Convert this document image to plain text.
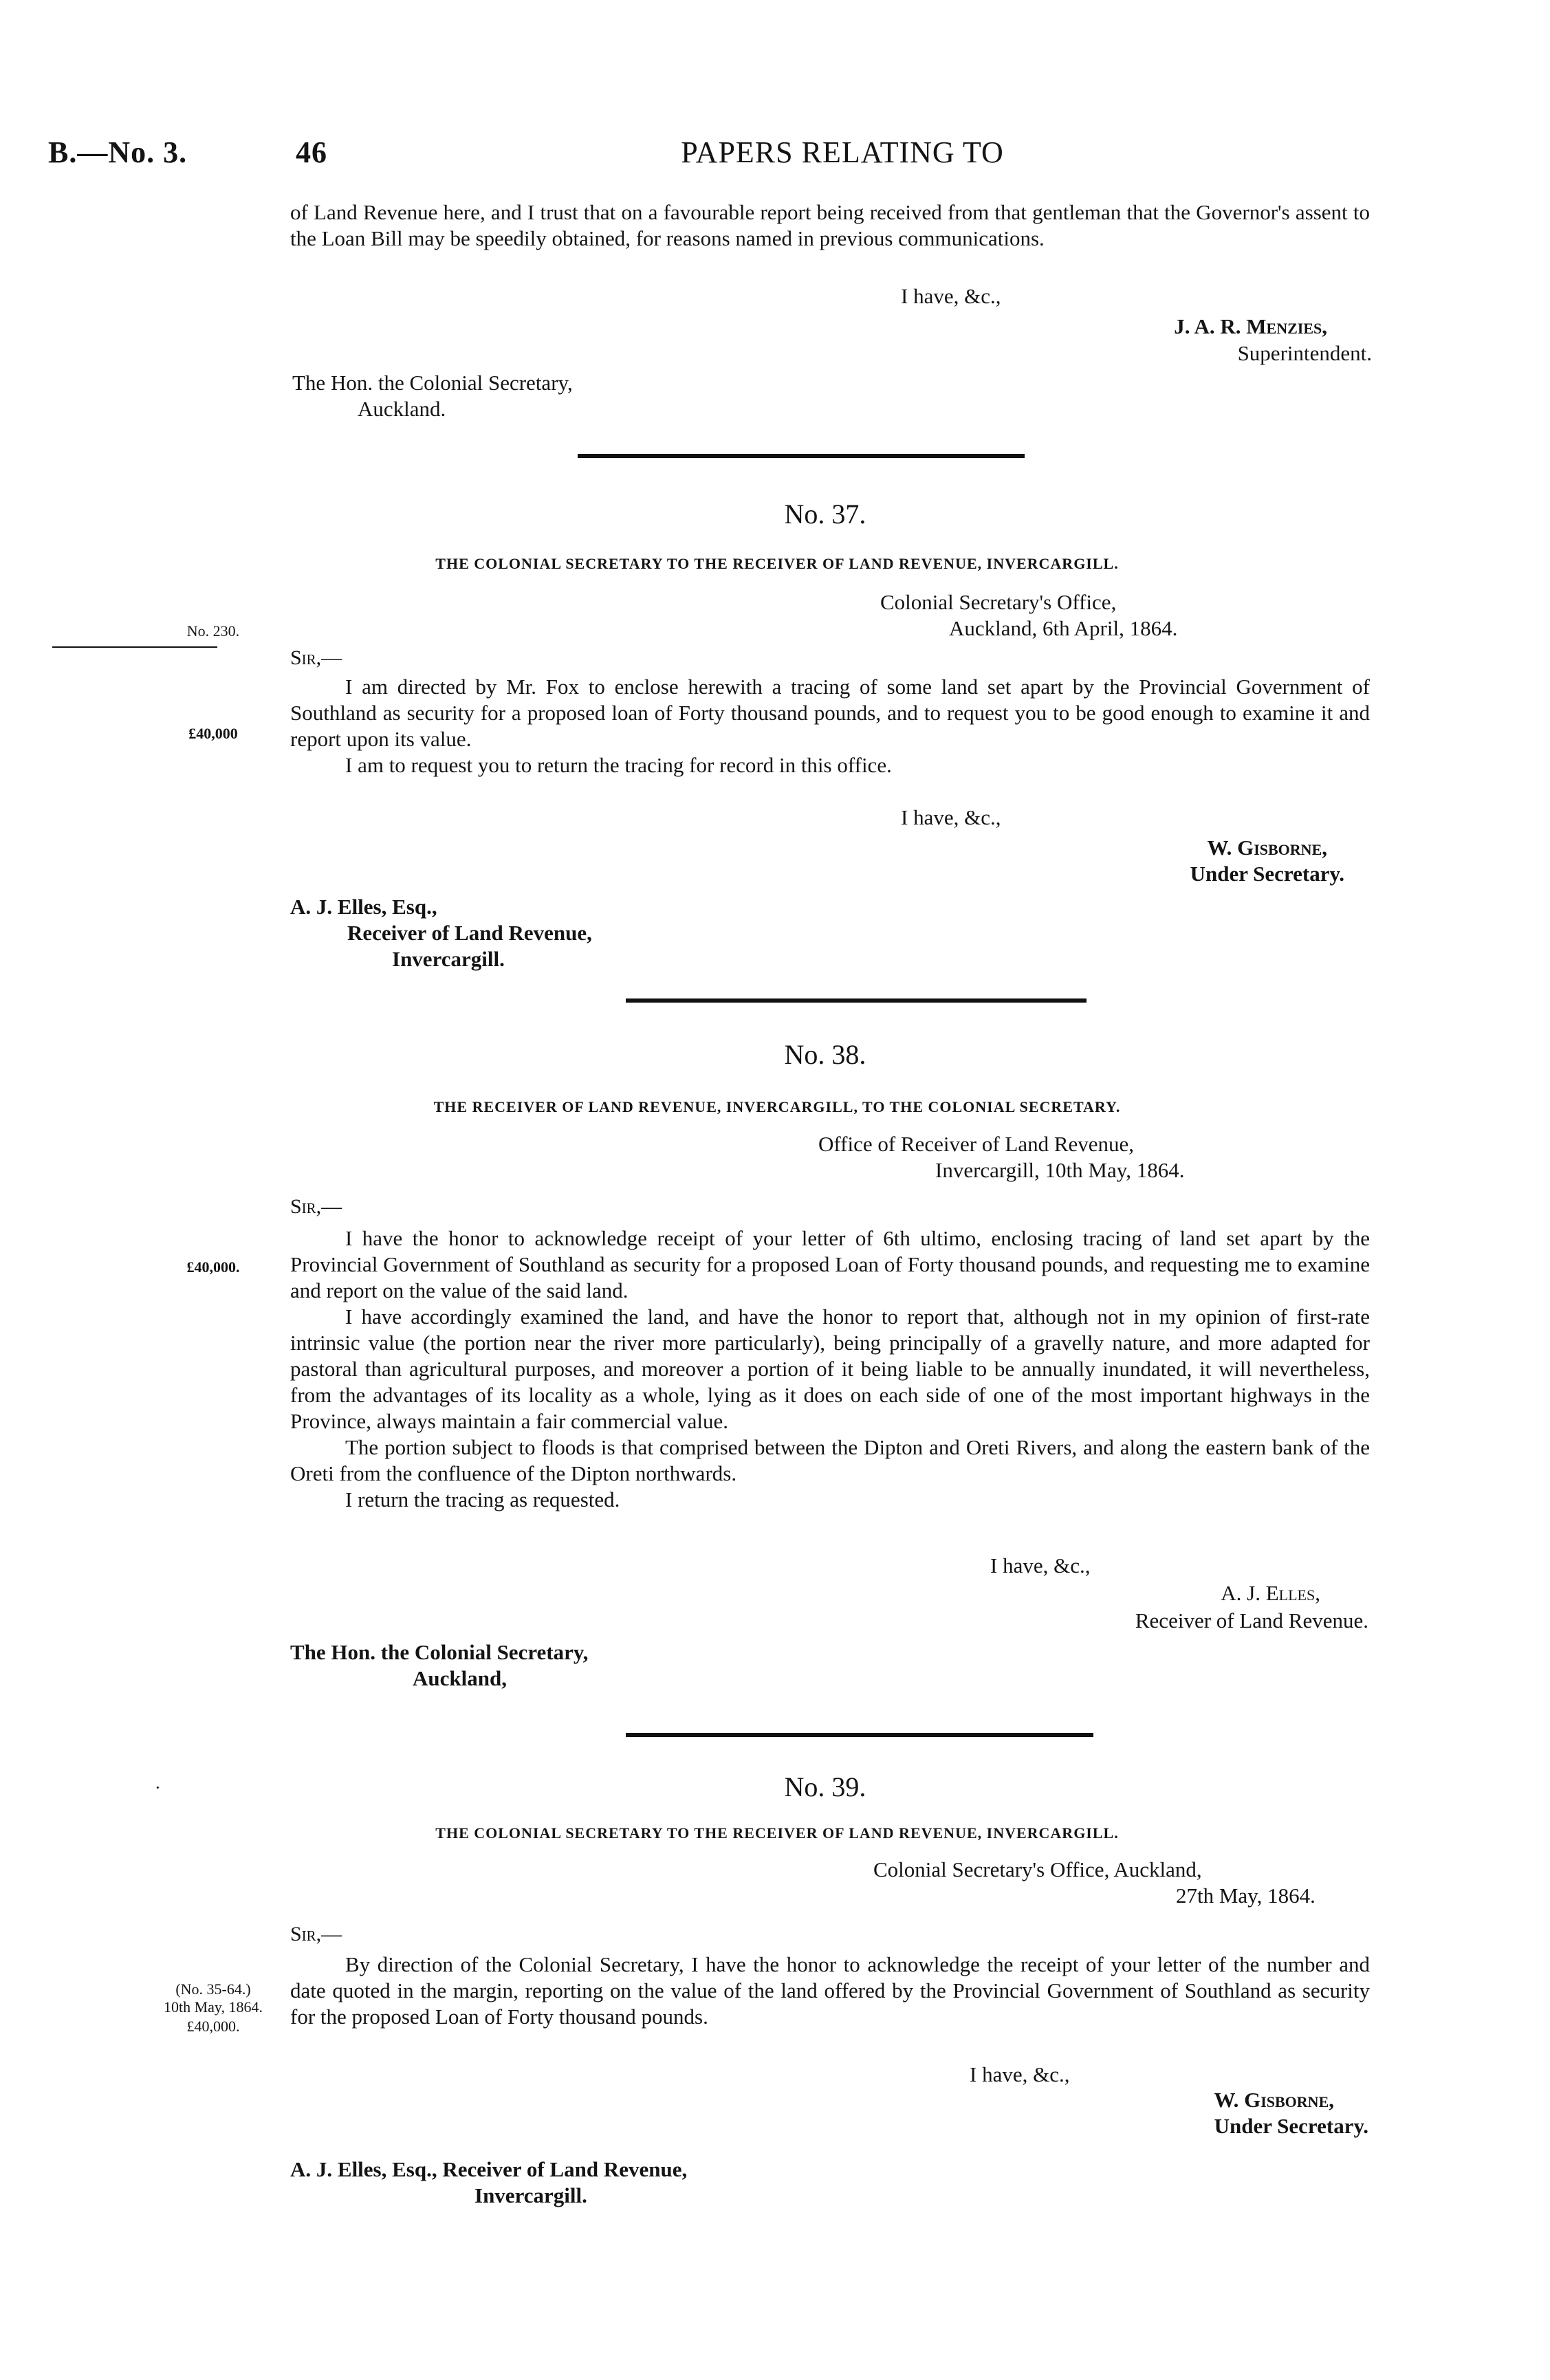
B.—No. 3.	46	PAPERS RELATING TO
of Land Revenue here, and I trust that on a favourable report being received from that gentleman that the Governor's assent to the Loan Bill may be speedily obtained, for reasons named in previous communications.
I have, &c.,
J. A. R. Menzies,
Superintendent.
The Hon. the Colonial Secretary,
Auckland.
No. 37.
THE COLONIAL SECRETARY TO THE RECEIVER OF LAND REVENUE, INVERCARGILL.
Colonial Secretary's Office,
Auckland, 6th April, 1864.
No. 230.
Sir,—
£40,000
I am directed by Mr. Fox to enclose herewith a tracing of some land set apart by the Provincial Government of Southland as security for a proposed loan of Forty thousand pounds, and to request you to be good enough to examine it and report upon its value.
I am to request you to return the tracing for record in this office.
I have, &c.,
W. Gisborne,
Under Secretary.
A. J. Elles, Esq.,
Receiver of Land Revenue,
Invercargill.
No. 38.
THE RECEIVER OF LAND REVENUE, INVERCARGILL, TO THE COLONIAL SECRETARY.
Office of Receiver of Land Revenue,
Invercargill, 10th May, 1864.
Sir,—
£40,000.
I have the honor to acknowledge receipt of your letter of 6th ultimo, enclosing tracing of land set apart by the Provincial Government of Southland as security for a proposed Loan of Forty thousand pounds, and requesting me to examine and report on the value of the said land.
I have accordingly examined the land, and have the honor to report that, although not in my opinion of first-rate intrinsic value (the portion near the river more particularly), being principally of a gravelly nature, and more adapted for pastoral than agricultural purposes, and moreover a portion of it being liable to be annually inundated, it will nevertheless, from the advantages of its locality as a whole, lying as it does on each side of one of the most important highways in the Province, always maintain a fair commercial value.
The portion subject to floods is that comprised between the Dipton and Oreti Rivers, and along the eastern bank of the Oreti from the confluence of the Dipton northwards.
I return the tracing as requested.
I have, &c.,
A. J. Elles,
Receiver of Land Revenue.
The Hon. the Colonial Secretary,
Auckland,
·	No. 39.
THE COLONIAL SECRETARY TO THE RECEIVER OF LAND REVENUE, INVERCARGILL.
Colonial Secretary's Office, Auckland,
27th May, 1864.
Sir,—
(No. 35-64.)
10th May, 1864.
£40,000.
By direction of the Colonial Secretary, I have the honor to acknowledge the receipt of your letter of the number and date quoted in the margin, reporting on the value of the land offered by the Provincial Government of Southland as security for the proposed Loan of Forty thousand pounds.
I have, &c.,
W. Gisborne,
Under Secretary.
A. J. Elles, Esq., Receiver of Land Revenue,
Invercargill.
